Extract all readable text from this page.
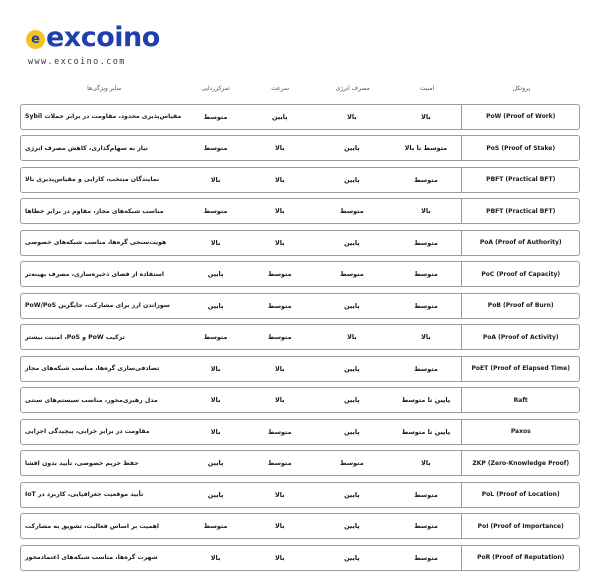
e excoino
www.excoino.com
پروتکل
امنیت
مصرف انرژی
سرعت
تمرکززدایی
سایر ویژگی‌ها
PoW (Proof of Work)
بالا
بالا
پایین
متوسط
مقیاس‌پذیری محدود، مقاومت در برابر حملات Sybil
PoS (Proof of Stake)
متوسط تا بالا
پایین
بالا
متوسط
نیاز به سهام‌گذاری، کاهش مصرف انرژی
PBFT (Practical BFT)
متوسط
پایین
بالا
بالا
نمایندگان منتخب، کارایی و مقیاس‌پذیری بالا
PBFT (Practical BFT)
بالا
متوسط
بالا
متوسط
مناسب شبکه‌های مجاز، مقاوم در برابر خطاها
PoA (Proof of Authority)
متوسط
پایین
بالا
بالا
هویت‌سنجی گره‌ها، مناسب شبکه‌های خصوصی
PoC (Proof of Capacity)
متوسط
متوسط
متوسط
پایین
استفاده از فضای ذخیره‌سازی، مصرف بهینه‌تر
PoB (Proof of Burn)
متوسط
پایین
متوسط
پایین
سوزاندن ارز برای مشارکت، جایگزین PoW/PoS
PoA (Proof of Activity)
بالا
بالا
متوسط
متوسط
ترکیب PoW و PoS، امنیت بیشتر
PoET (Proof of Elapsed Time)
متوسط
پایین
بالا
بالا
تصادفی‌سازی گره‌ها، مناسب شبکه‌های مجاز
Raft
پایین تا متوسط
پایین
بالا
بالا
مدل رهبری‌محور، مناسب سیستم‌های سنتی
Paxos
پایین تا متوسط
پایین
متوسط
بالا
مقاومت در برابر خرابی، پیچیدگی اجرایی
ZKP (Zero-Knowledge Proof)
بالا
متوسط
متوسط
پایین
حفظ حریم خصوصی، تأیید بدون افشا
PoL (Proof of Location)
متوسط
پایین
بالا
پایین
تأیید موقعیت جغرافیایی، کاربرد در IoT
PoI (Proof of Importance)
متوسط
پایین
بالا
متوسط
اهمیت بر اساس فعالیت، تشویق به مشارکت
PoR (Proof of Reputation)
متوسط
پایین
بالا
بالا
شهرت گره‌ها، مناسب شبکه‌های اعتمادمحور
